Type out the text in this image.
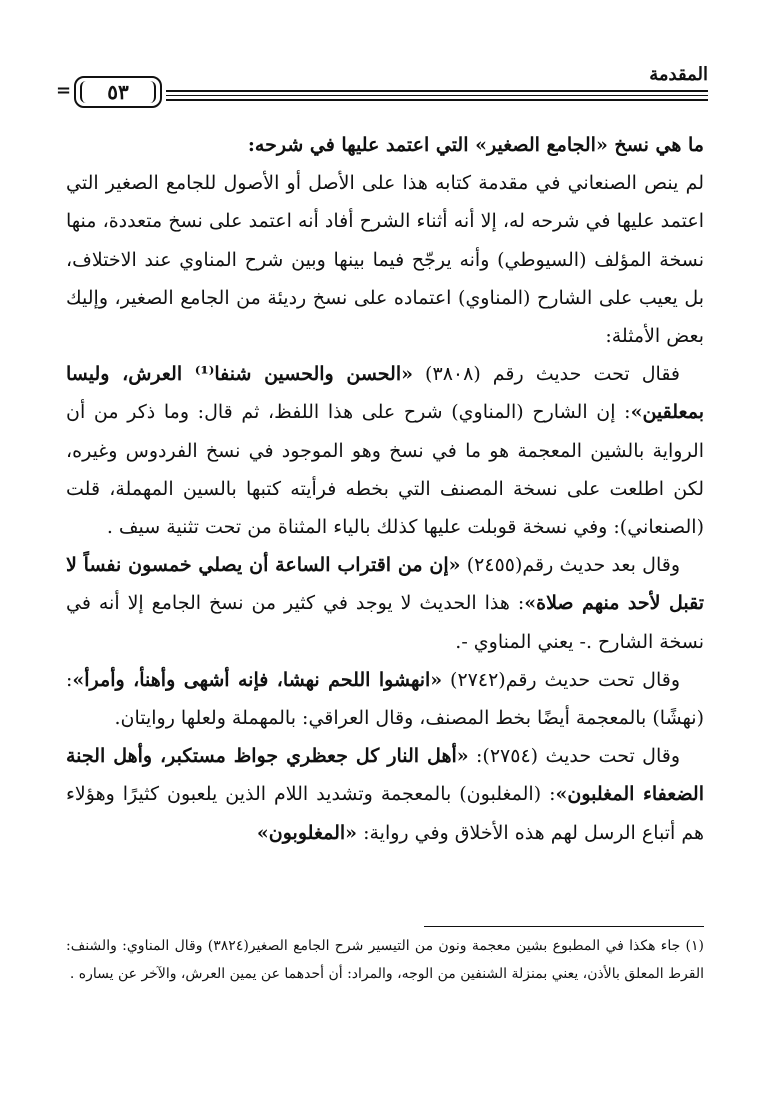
المقدمة
= ٥٣

ما هي نسخ «الجامع الصغير» التي اعتمد عليها في شرحه:

لم ينص الصنعاني في مقدمة كتابه هذا على الأصل أو الأصول للجامع الصغير التي اعتمد عليها في شرحه له، إلا أنه أثناء الشرح أفاد أنه اعتمد على نسخ متعددة، منها نسخة المؤلف (السيوطي) وأنه يرجّح فيما بينها وبين شرح المناوي عند الاختلاف، بل يعيب على الشارح (المناوي) اعتماده على نسخ رديئة من الجامع الصغير، وإليك بعض الأمثلة:

فقال تحت حديث رقم (٣٨٠٨) «الحسن والحسين شنفا⁽¹⁾ العرش، وليسا بمعلقين»: إن الشارح (المناوي) شرح على هذا اللفظ، ثم قال: وما ذكر من أن الرواية بالشين المعجمة هو ما في نسخ وهو الموجود في نسخ الفردوس وغيره، لكن اطلعت على نسخة المصنف التي بخطه فرأيته كتبها بالسين المهملة، قلت (الصنعاني): وفي نسخة قوبلت عليها كذلك بالياء المثناة من تحت تثنية سيف .

وقال بعد حديث رقم(٢٤٥٥) «إن من اقتراب الساعة أن يصلي خمسون نفساً لا تقبل لأحد منهم صلاة»: هذا الحديث لا يوجد في كثير من نسخ الجامع إلا أنه في نسخة الشارح .- يعني المناوي -.

وقال تحت حديث رقم(٢٧٤٢) «انهشوا اللحم نهشا، فإنه أشهى وأهنأ، وأمرأ»: (نهشًا) بالمعجمة أيضًا بخط المصنف، وقال العراقي: بالمهملة ولعلها روايتان.

وقال تحت حديث (٢٧٥٤): «أهل النار كل جعظري جواظ مستكبر، وأهل الجنة الضعفاء المغلبون»: (المغلبون) بالمعجمة وتشديد اللام الذين يلعبون كثيرًا وهؤلاء هم أتباع الرسل لهم هذه الأخلاق وفي رواية: «المغلوبون»

(١) جاء هكذا في المطبوع بشين معجمة ونون من التيسير شرح الجامع الصغير(٣٨٢٤) وقال المناوي: والشنف: القرط المعلق بالأذن، يعني بمنزلة الشنفين من الوجه، والمراد: أن أحدهما عن يمين العرش، والآخر عن يساره .
